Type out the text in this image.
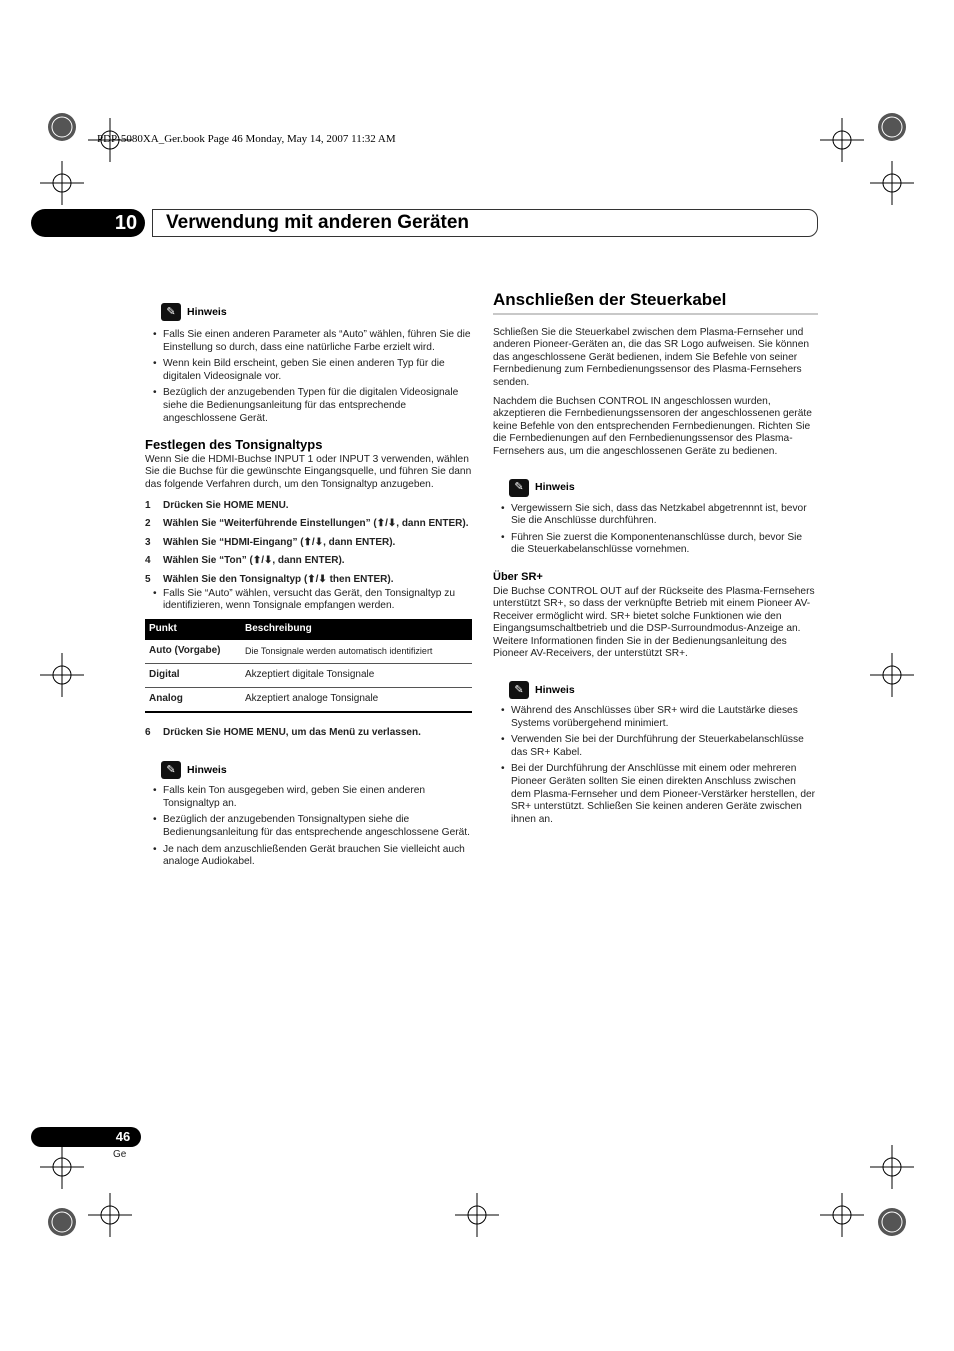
PDP-5080XA_Ger.book Page 46 Monday, May 14, 2007 11:32 AM
10	Verwendung mit anderen Geräten
✎	Hinweis
• Falls Sie einen anderen Parameter als “Auto” wählen, führen Sie die Einstellung so durch, dass eine natürliche Farbe erzielt wird.
• Wenn kein Bild erscheint, geben Sie einen anderen Typ für die digitalen Videosignale vor.
• Bezüglich der anzugebenden Typen für die digitalen Videosignale siehe die Bedienungsanleitung für das entsprechende angeschlossene Gerät.
Festlegen des Tonsignaltyps
Wenn Sie die HDMI-Buchse INPUT 1 oder INPUT 3 verwenden, wählen Sie die Buchse für die gewünschte Eingangsquelle, und führen Sie dann das folgende Verfahren durch, um den Tonsignaltyp anzugeben.
1	Drücken Sie HOME MENU.
2	Wählen Sie “Weiterführende Einstellungen” (⬆/⬇, dann ENTER).
3	Wählen Sie “HDMI-Eingang” (⬆/⬇, dann ENTER).
4	Wählen Sie “Ton” (⬆/⬇, dann ENTER).
5	Wählen Sie den Tonsignaltyp (⬆/⬇ then ENTER).
• Falls Sie “Auto” wählen, versucht das Gerät, den Tonsignaltyp zu identifizieren, wenn Tonsignale empfangen werden.
Punkt	Beschreibung
Auto (Vorgabe)	Die Tonsignale werden automatisch identifiziert
Digital	Akzeptiert digitale Tonsignale
Analog	Akzeptiert analoge Tonsignale
6	Drücken Sie HOME MENU, um das Menü zu verlassen.
✎	Hinweis
• Falls kein Ton ausgegeben wird, geben Sie einen anderen Tonsignaltyp an.
• Bezüglich der anzugebenden Tonsignaltypen siehe die Bedienungsanleitung für das entsprechende angeschlossene Gerät.
• Je nach dem anzuschließenden Gerät brauchen Sie vielleicht auch analoge Audiokabel.
Anschließen der Steuerkabel
Schließen Sie die Steuerkabel zwischen dem Plasma-Fernseher und anderen Pioneer-Geräten an, die das SR Logo aufweisen. Sie können das angeschlossene Gerät bedienen, indem Sie Befehle von seiner Fernbedienung zum Fernbedienungssensor des Plasma-Fernsehers senden.
Nachdem die Buchsen CONTROL IN angeschlossen wurden, akzeptieren die Fernbedienungssensoren der angeschlossenen geräte keine Befehle von den entsprechenden Fernbedienungen. Richten Sie die Fernbedienungen auf den Fernbedienungssensor des Plasma-Fernsehers aus, um die angeschlossenen Geräte zu bedienen.
✎	Hinweis
• Vergewissern Sie sich, dass das Netzkabel abgetrennnt ist, bevor Sie die Anschlüsse durchführen.
• Führen Sie zuerst die Komponentenanschlüsse durch, bevor Sie die Steuerkabelanschlüsse vornehmen.
Über SR+
Die Buchse CONTROL OUT auf der Rückseite des Plasma-Fernsehers unterstützt SR+, so dass der verknüpfte Betrieb mit einem Pioneer AV-Receiver ermöglicht wird. SR+ bietet solche Funktionen wie den Eingangsumschaltbetrieb und die DSP-Surroundmodus-Anzeige an. Weitere Informationen finden Sie in der Bedienungsanleitung des Pioneer AV-Receivers, der unterstützt SR+.
✎	Hinweis
• Während des Anschlüsses über SR+ wird die Lautstärke dieses Systems vorübergehend minimiert.
• Verwenden Sie bei der Durchführung der Steuerkabelanschlüsse das SR+ Kabel.
• Bei der Durchführung der Anschlüsse mit einem oder mehreren Pioneer Geräten sollten Sie einen direkten Anschluss zwischen dem Plasma-Fernseher und dem Pioneer-Verstärker herstellen, der SR+ unterstützt. Schließen Sie keinen anderen Geräte zwischen ihnen an.
46
Ge
